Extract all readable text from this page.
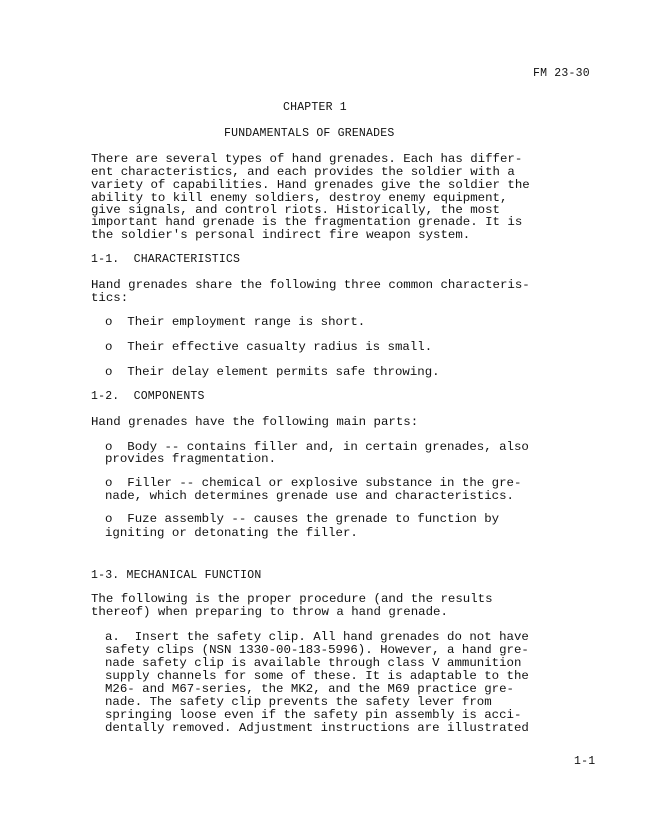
FM 23-30
CHAPTER 1
FUNDAMENTALS OF GRENADES
There are several types of hand grenades. Each has differ-
ent characteristics, and each provides the soldier with a
variety of capabilities. Hand grenades give the soldier the
ability to kill enemy soldiers, destroy enemy equipment,
give signals, and control riots. Historically, the most
important hand grenade is the fragmentation grenade. It is
the soldier's personal indirect fire weapon system.
1-1.  CHARACTERISTICS
Hand grenades share the following three common characteris-
tics:
o  Their employment range is short.
o  Their effective casualty radius is small.
o  Their delay element permits safe throwing.
1-2.  COMPONENTS
Hand grenades have the following main parts:
o  Body -- contains filler and, in certain grenades, also
provides fragmentation.
o  Filler -- chemical or explosive substance in the gre-
nade, which determines grenade use and characteristics.
o  Fuze assembly -- causes the grenade to function by
igniting or detonating the filler.
1-3. MECHANICAL FUNCTION
The following is the proper procedure (and the results
thereof) when preparing to throw a hand grenade.
a.  Insert the safety clip. All hand grenades do not have
safety clips (NSN 1330-00-183-5996). However, a hand gre-
nade safety clip is available through class V ammunition
supply channels for some of these. It is adaptable to the
M26- and M67-series, the MK2, and the M69 practice gre-
nade. The safety clip prevents the safety lever from
springing loose even if the safety pin assembly is acci-
dentally removed. Adjustment instructions are illustrated
1-1
